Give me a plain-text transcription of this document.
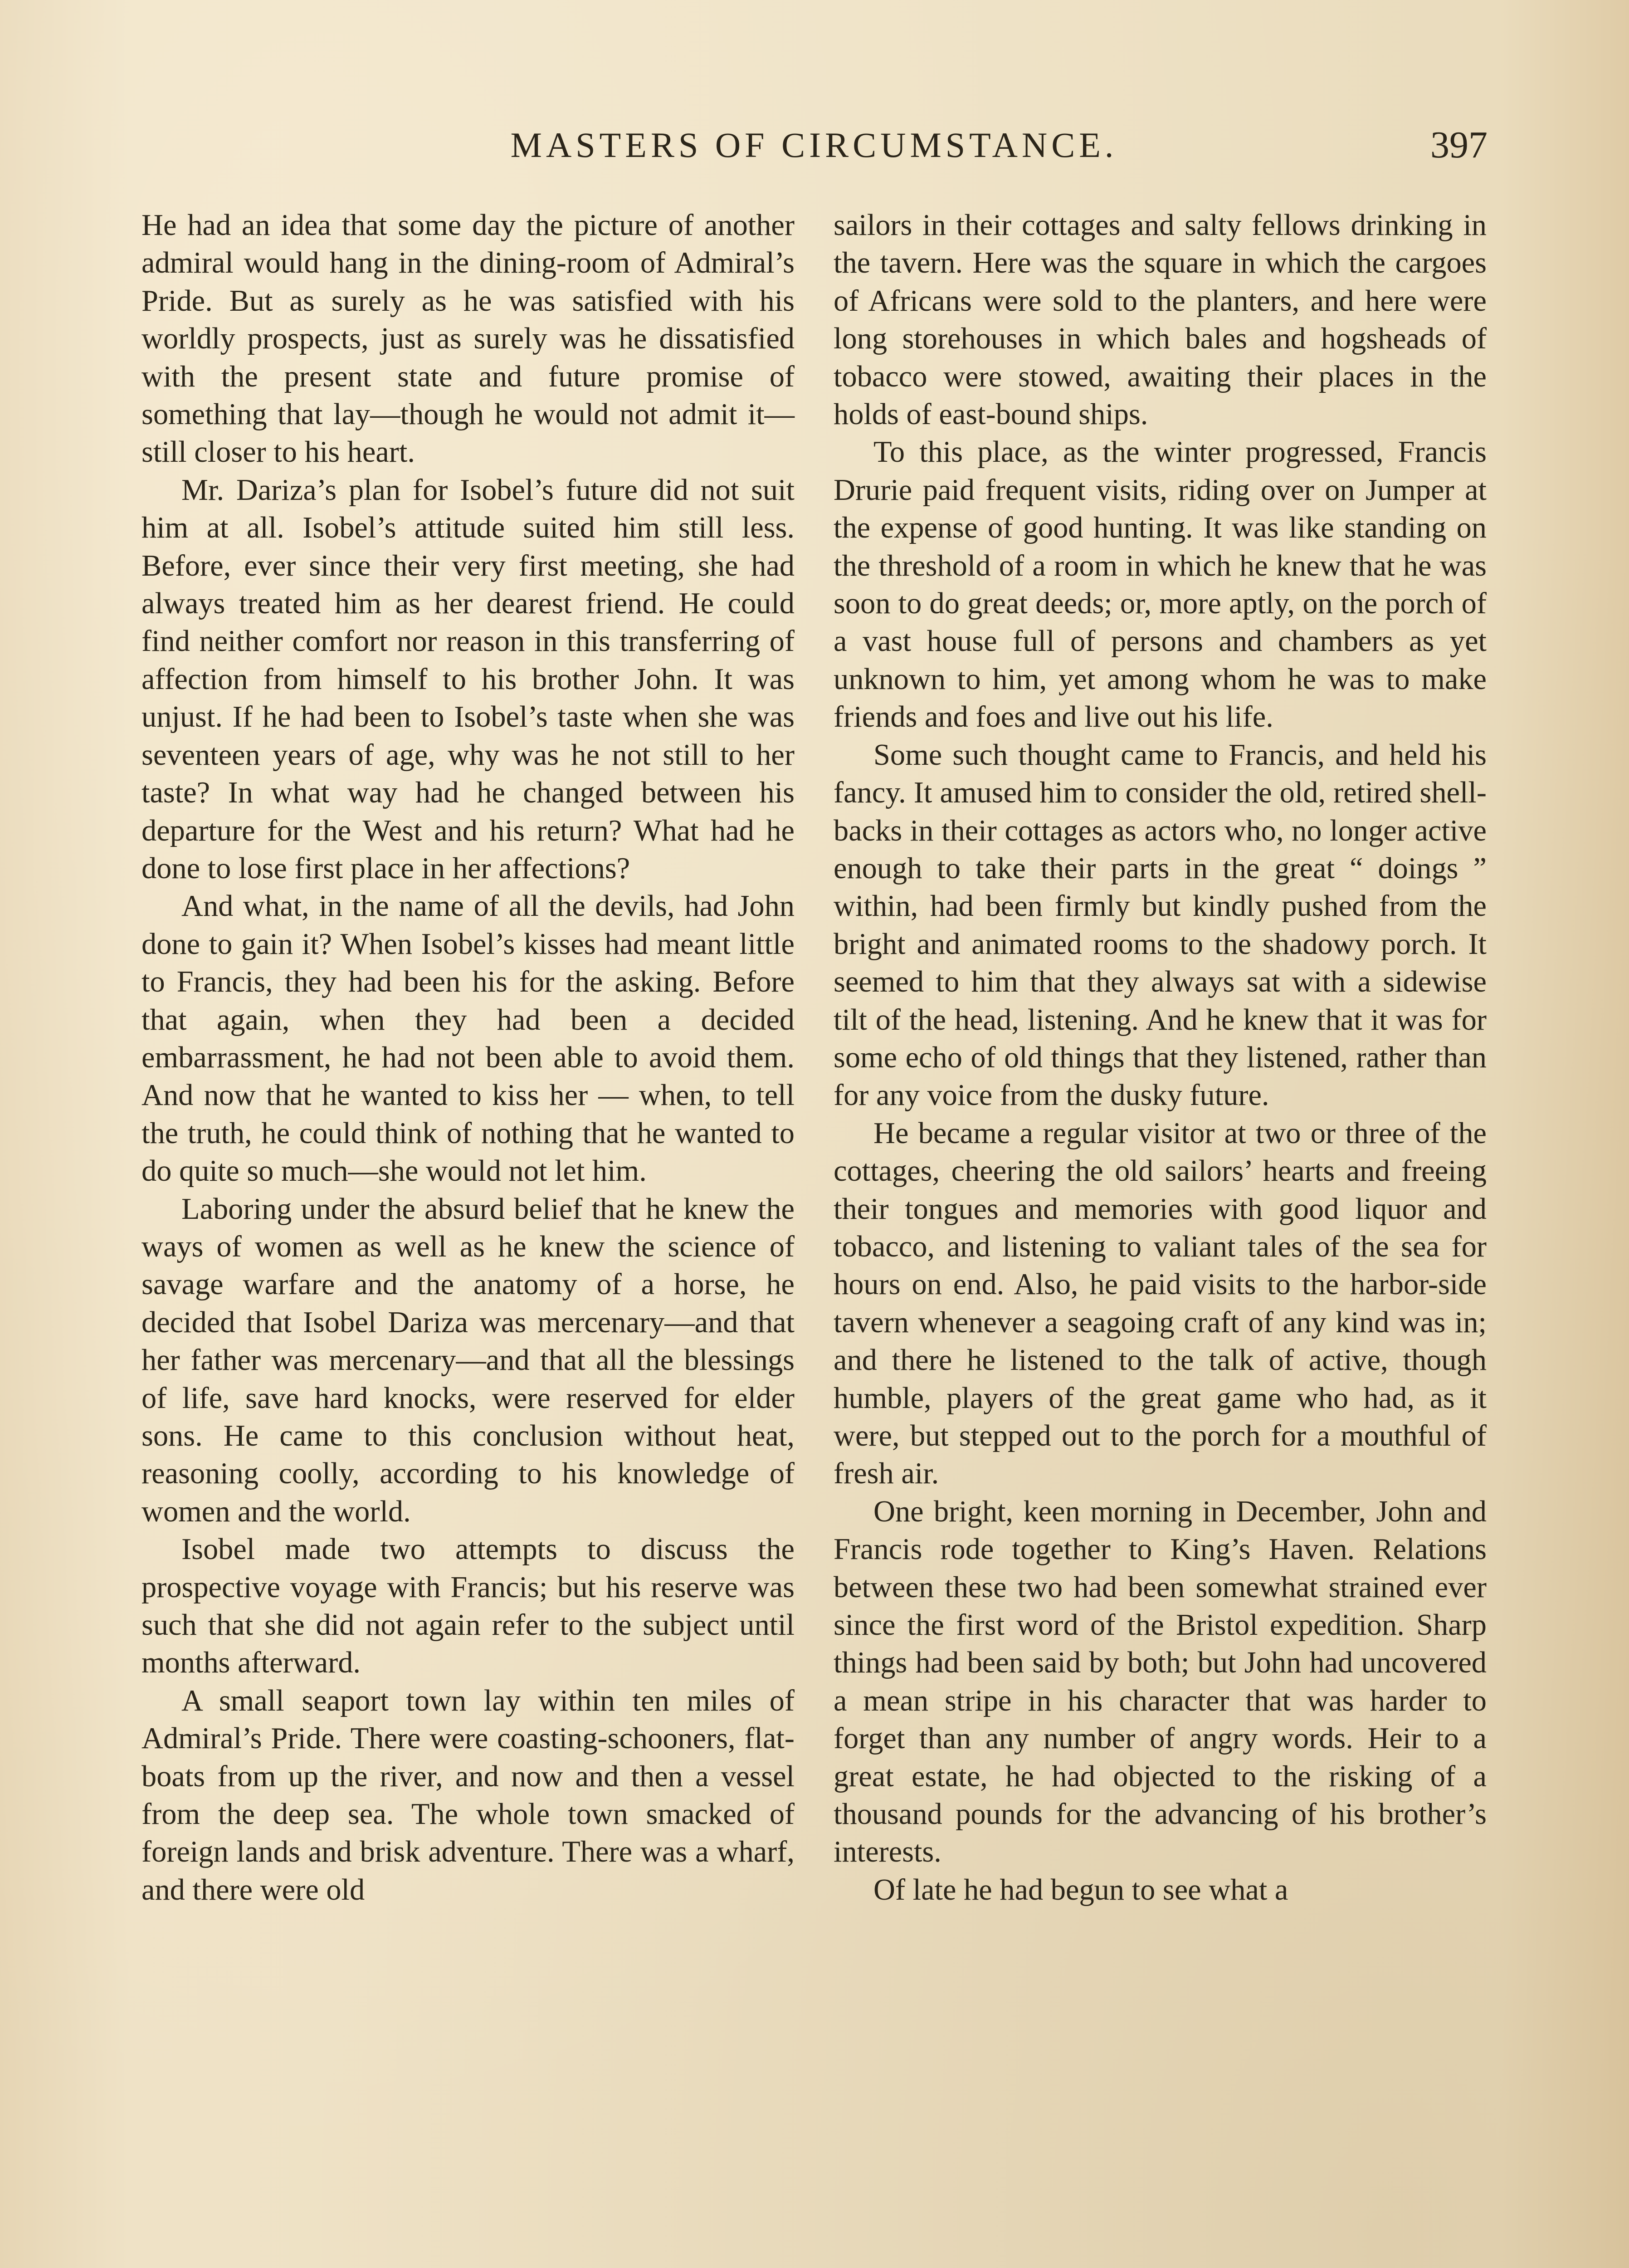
MASTERS OF CIRCUMSTANCE.	397

He had an idea that some day the picture of another admiral would hang in the dining-room of Admiral’s Pride. But as surely as he was satisfied with his worldly prospects, just as surely was he dissatisfied with the present state and future promise of something that lay—though he would not admit it—still closer to his heart.

Mr. Dariza’s plan for Isobel’s future did not suit him at all. Isobel’s attitude suited him still less. Before, ever since their very first meeting, she had always treated him as her dearest friend. He could find neither comfort nor reason in this transferring of affection from himself to his brother John. It was unjust. If he had been to Isobel’s taste when she was seventeen years of age, why was he not still to her taste? In what way had he changed between his departure for the West and his return? What had he done to lose first place in her affections?

And what, in the name of all the devils, had John done to gain it? When Isobel’s kisses had meant little to Francis, they had been his for the asking. Before that again, when they had been a decided embarrassment, he had not been able to avoid them. And now that he wanted to kiss her — when, to tell the truth, he could think of nothing that he wanted to do quite so much—she would not let him.

Laboring under the absurd belief that he knew the ways of women as well as he knew the science of savage warfare and the anatomy of a horse, he decided that Isobel Dariza was mercenary—and that her father was mercenary—and that all the blessings of life, save hard knocks, were reserved for elder sons. He came to this conclusion without heat, reasoning coolly, according to his knowledge of women and the world.

Isobel made two attempts to discuss the prospective voyage with Francis; but his reserve was such that she did not again refer to the subject until months afterward.

A small seaport town lay within ten miles of Admiral’s Pride. There were coasting-schooners, flat-boats from up the river, and now and then a vessel from the deep sea. The whole town smacked of foreign lands and brisk adventure. There was a wharf, and there were old

sailors in their cottages and salty fellows drinking in the tavern. Here was the square in which the cargoes of Africans were sold to the planters, and here were long storehouses in which bales and hogsheads of tobacco were stowed, awaiting their places in the holds of east-bound ships.

To this place, as the winter progressed, Francis Drurie paid frequent visits, riding over on Jumper at the expense of good hunting. It was like standing on the threshold of a room in which he knew that he was soon to do great deeds; or, more aptly, on the porch of a vast house full of persons and chambers as yet unknown to him, yet among whom he was to make friends and foes and live out his life.

Some such thought came to Francis, and held his fancy. It amused him to consider the old, retired shell-backs in their cottages as actors who, no longer active enough to take their parts in the great “ doings ” within, had been firmly but kindly pushed from the bright and animated rooms to the shadowy porch. It seemed to him that they always sat with a sidewise tilt of the head, listening. And he knew that it was for some echo of old things that they listened, rather than for any voice from the dusky future.

He became a regular visitor at two or three of the cottages, cheering the old sailors’ hearts and freeing their tongues and memories with good liquor and tobacco, and listening to valiant tales of the sea for hours on end. Also, he paid visits to the harbor-side tavern whenever a seagoing craft of any kind was in; and there he listened to the talk of active, though humble, players of the great game who had, as it were, but stepped out to the porch for a mouthful of fresh air.

One bright, keen morning in December, John and Francis rode together to King’s Haven. Relations between these two had been somewhat strained ever since the first word of the Bristol expedition. Sharp things had been said by both; but John had uncovered a mean stripe in his character that was harder to forget than any number of angry words. Heir to a great estate, he had objected to the risking of a thousand pounds for the advancing of his brother’s interests.

Of late he had begun to see what a
